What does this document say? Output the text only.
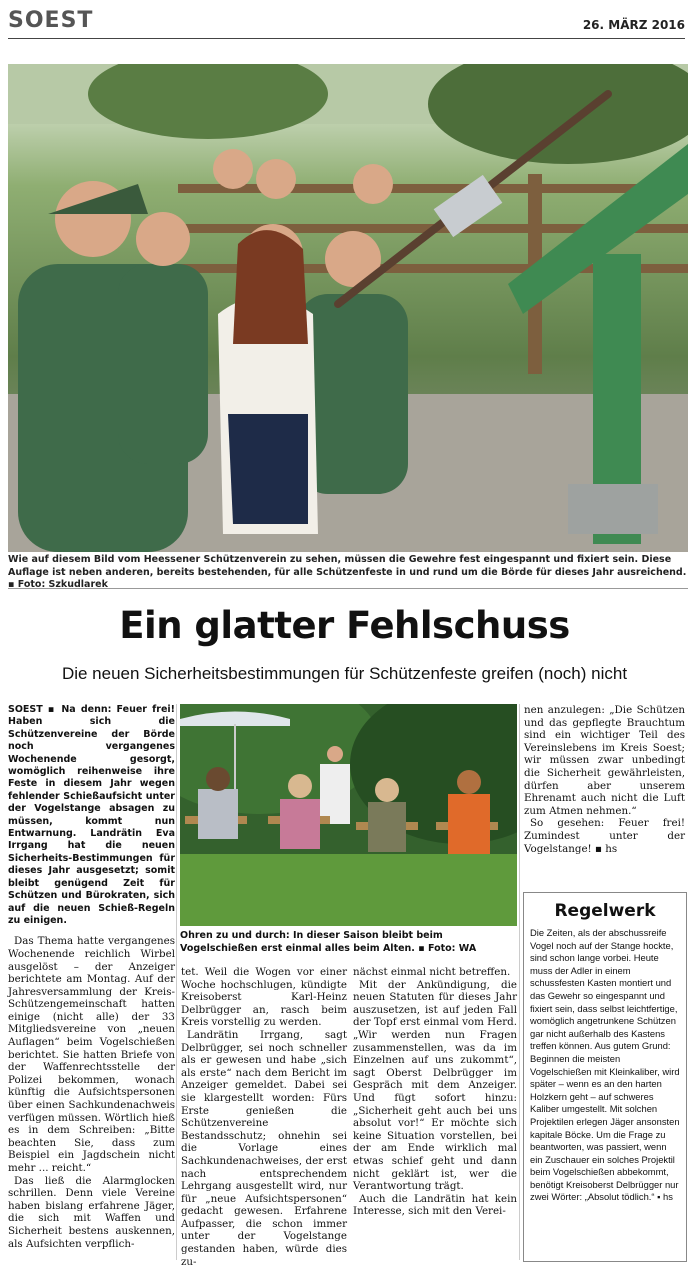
SOEST	26. MÄRZ 2016
Wie auf diesem Bild vom Heessener Schützenverein zu sehen, müssen die Gewehre fest eingespannt und fixiert sein. Diese Auflage ist neben anderen, bereits bestehenden, für alle Schützenfeste in und rund um die Börde für dieses Jahr ausreichend. ▪ Foto: Szkudlarek
Ein glatter Fehlschuss
Die neuen Sicherheitsbestimmungen für Schützenfeste greifen (noch) nicht
SOEST ▪ Na denn: Feuer frei! Haben sich die Schützenvereine der Börde noch vergangenes Wochenende gesorgt, womöglich reihenweise ihre Feste in diesem Jahr wegen fehlender Schießaufsicht unter der Vogelstange absagen zu müssen, kommt nun Entwarnung. Landrätin Eva Irrgang hat die neuen Sicherheits-Bestimmungen für dieses Jahr ausgesetzt; somit bleibt genügend Zeit für Schützen und Bürokraten, sich auf die neuen Schieß-Regeln zu einigen.

Das Thema hatte vergangenes Wochenende reichlich Wirbel ausgelöst – der Anzeiger berichtete am Montag. Auf der Jahresversammlung der Kreis-Schützengemeinschaft hatten einige (nicht alle) der 33 Mitgliedsvereine von „neuen Auflagen“ beim Vogelschießen berichtet. Sie hatten Briefe von der Waffenrechtsstelle der Polizei bekommen, wonach künftig die Aufsichtspersonen über einen Sachkundenachweis verfügen müssen. Wörtlich hieß es in dem Schreiben: „Bitte beachten Sie, dass zum Beispiel ein Jagdschein nicht mehr ... reicht.“

Das ließ die Alarmglocken schrillen. Denn viele Vereine haben bislang erfahrene Jäger, die sich mit Waffen und Sicherheit bestens auskennen, als Aufsichten verpflich-

Ohren zu und durch: In dieser Saison bleibt beim Vogelschießen erst einmal alles beim Alten. ▪ Foto: WA

tet. Weil die Wogen vor einer Woche hochschlugen, kündigte Kreisoberst Karl-Heinz Delbrügger an, rasch beim Kreis vorstellig zu werden.

Landrätin Irrgang, sagt Delbrügger, sei noch schneller als er gewesen und habe „sich als erste“ nach dem Bericht im Anzeiger gemeldet. Dabei sei sie klargestellt worden: Fürs Erste genießen die Schützenvereine Bestandsschutz; ohnehin sei die Vorlage eines Sachkundenachweises, der erst nach entsprechendem Lehrgang ausgestellt wird, nur für „neue Aufsichtspersonen“ gedacht gewesen. Erfahrene Aufpasser, die schon immer unter der Vogelstange gestanden haben, würde dies zu-

nächst einmal nicht betreffen.

Mit der Ankündigung, die neuen Statuten für dieses Jahr auszusetzen, ist auf jeden Fall der Topf erst einmal vom Herd. „Wir werden nun Fragen zusammenstellen, was da im Einzelnen auf uns zukommt“, sagt Oberst Delbrügger im Gespräch mit dem Anzeiger. Und fügt sofort hinzu: „Sicherheit geht auch bei uns absolut vor!“ Er möchte sich keine Situation vorstellen, bei der am Ende wirklich mal etwas schief geht und dann nicht geklärt ist, wer die Verantwortung trägt.

Auch die Landrätin hat kein Interesse, sich mit den Verei-

nen anzulegen: „Die Schützen und das gepflegte Brauchtum sind ein wichtiger Teil des Vereinslebens im Kreis Soest; wir müssen zwar unbedingt die Sicherheit gewährleisten, dürfen aber unserem Ehrenamt auch nicht die Luft zum Atmen nehmen.“

So gesehen: Feuer frei! Zumindest unter der Vogelstange! ▪ hs

Regelwerk
Die Zeiten, als der abschussreife Vogel noch auf der Stange hockte, sind schon lange vorbei. Heute muss der Adler in einem schussfesten Kasten montiert und das Gewehr so eingespannt und fixiert sein, dass selbst leichtfertige, womöglich angetrunkene Schützen gar nicht außerhalb des Kastens treffen können. Aus gutem Grund: Beginnen die meisten Vogelschießen mit Kleinkaliber, wird später – wenn es an den harten Holzkern geht – auf schweres Kaliber umgestellt. Mit solchen Projektilen erlegen Jäger ansonsten kapitale Böcke. Um die Frage zu beantworten, was passiert, wenn ein Zuschauer ein solches Projektil beim Vogelschießen abbekommt, benötigt Kreisoberst Delbrügger nur zwei Wörter: „Absolut tödlich.“ ▪ hs
